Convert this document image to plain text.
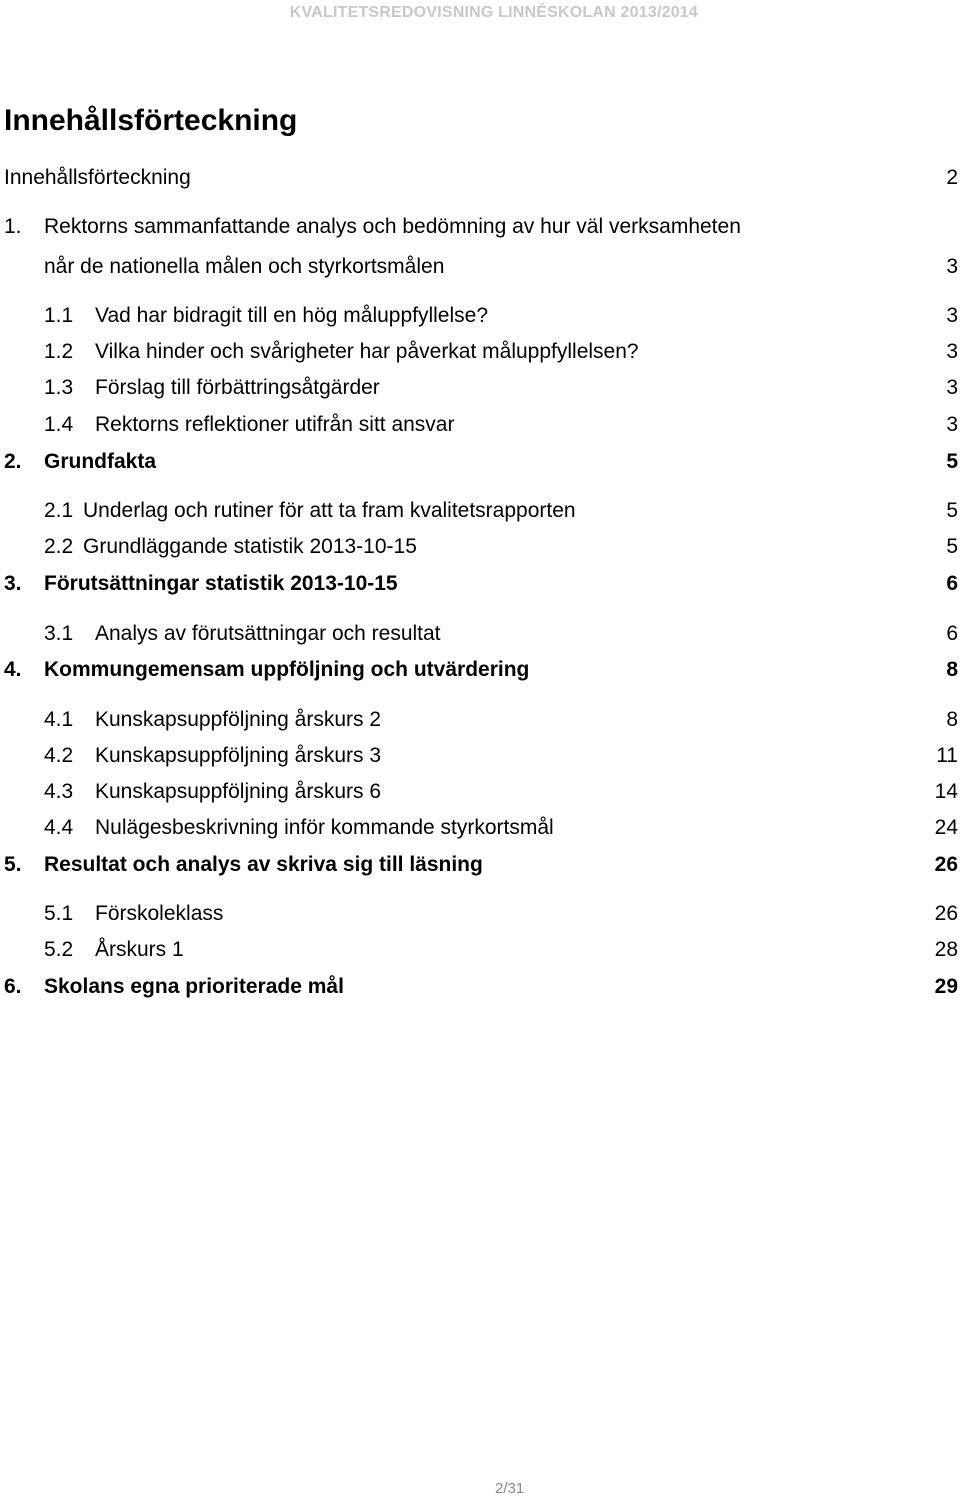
KVALITETSREDOVISNING LINNÉSKOLAN 2013/2014
Innehållsförteckning
Innehållsförteckning	2
1. Rektorns sammanfattande analys och bedömning av hur väl verksamheten
når de nationella målen och styrkortsmålen	3
1.1 Vad har bidragit till en hög måluppfyllelse?	3
1.2 Vilka hinder och svårigheter har påverkat måluppfyllelsen?	3
1.3 Förslag till förbättringsåtgärder	3
1.4 Rektorns reflektioner utifrån sitt ansvar	3
2. Grundfakta	5
2.1 Underlag och rutiner för att ta fram kvalitetsrapporten	5
2.2 Grundläggande statistik 2013-10-15	5
3. Förutsättningar statistik 2013-10-15	6
3.1 Analys av förutsättningar och resultat	6
4. Kommungemensam uppföljning och utvärdering	8
4.1 Kunskapsuppföljning årskurs 2	8
4.2 Kunskapsuppföljning årskurs 3	11
4.3 Kunskapsuppföljning årskurs 6	14
4.4 Nulägesbeskrivning inför kommande styrkortsmål	24
5. Resultat och analys av skriva sig till läsning	26
5.1 Förskoleklass	26
5.2 Årskurs 1	28
6. Skolans egna prioriterade mål	29
2/31
